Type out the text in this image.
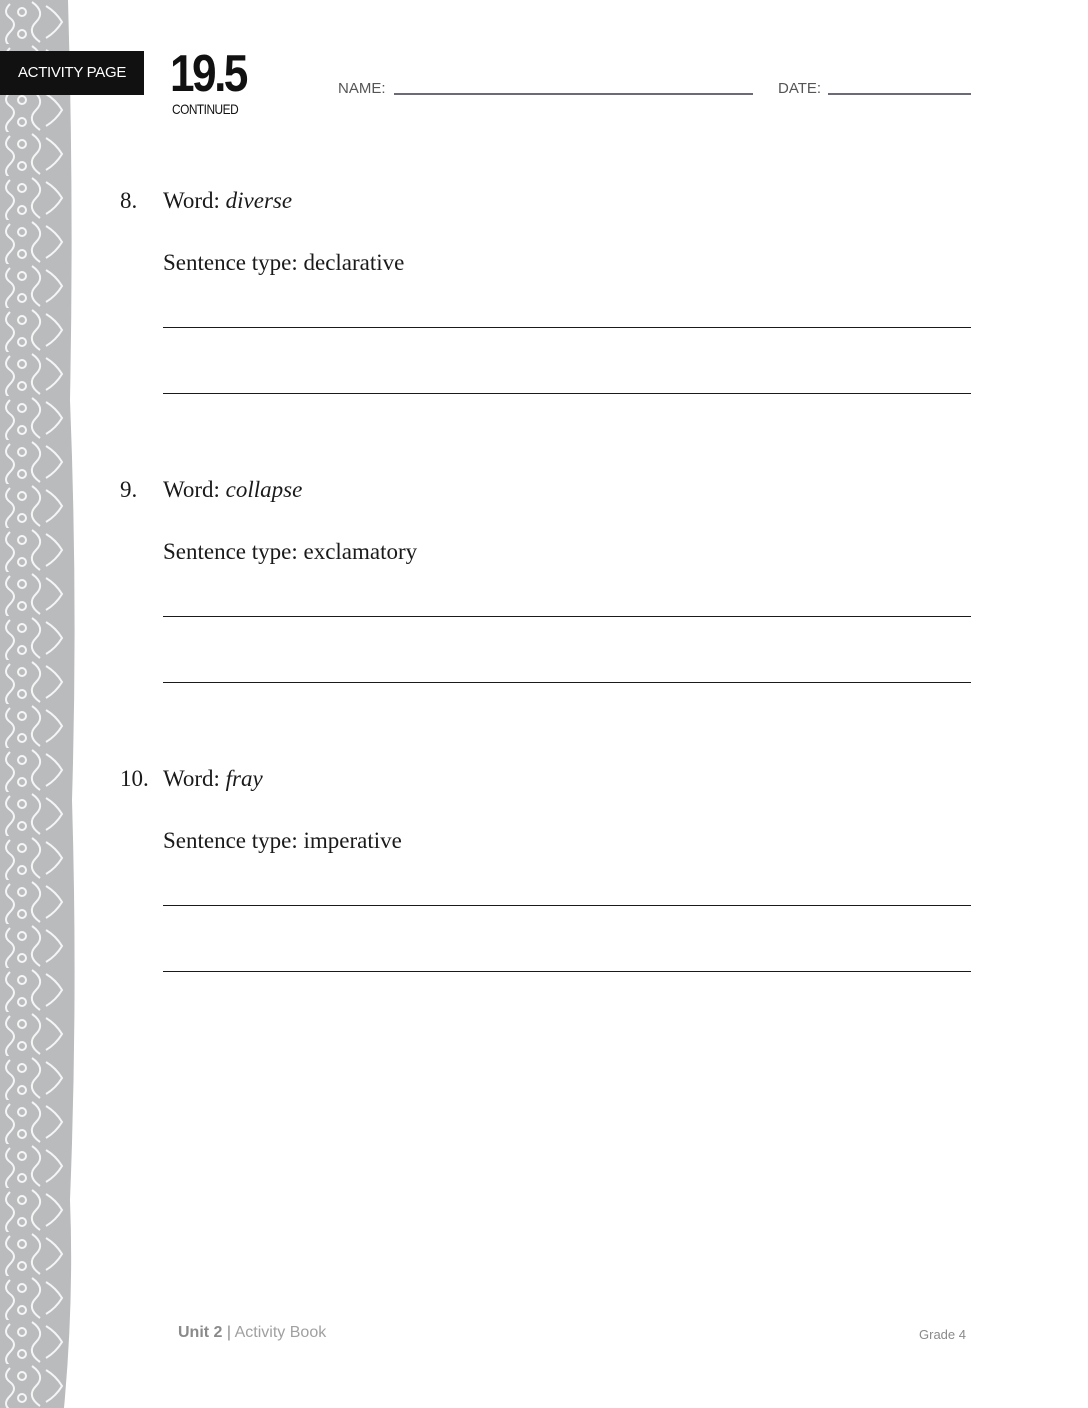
ACTIVITY PAGE 19.5
CONTINUED
NAME:	DATE:
8. Word: diverse
Sentence type: declarative
9. Word: collapse
Sentence type: exclamatory
10. Word: fray
Sentence type: imperative
Unit 2 | Activity Book	Grade 4
